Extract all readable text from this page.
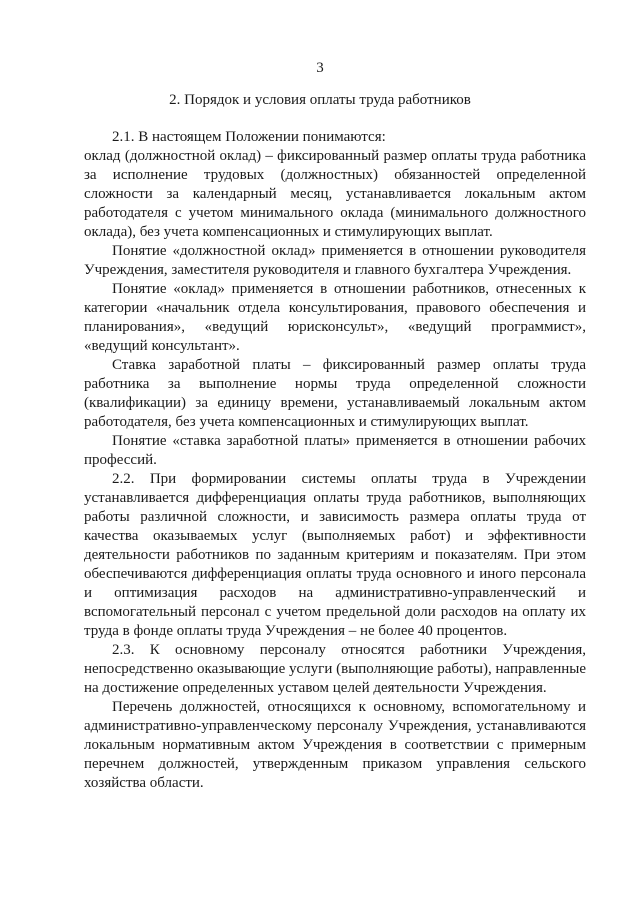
3
2. Порядок и условия оплаты труда работников

2.1. В настоящем Положении понимаются:

оклад (должностной оклад) – фиксированный размер оплаты труда работника за исполнение трудовых (должностных) обязанностей определенной сложности за календарный месяц, устанавливается локальным актом работодателя с учетом минимального оклада (минимального должностного оклада), без учета компенсационных и стимулирующих выплат.

Понятие «должностной оклад» применяется в отношении руководителя Учреждения, заместителя руководителя и главного бухгалтера Учреждения.

Понятие «оклад» применяется в отношении работников, отнесенных к категории «начальник отдела консультирования, правового обеспечения и планирования», «ведущий юрисконсульт», «ведущий программист», «ведущий консультант».

Ставка заработной платы – фиксированный размер оплаты труда работника за выполнение нормы труда определенной сложности (квалификации) за единицу времени, устанавливаемый локальным актом работодателя, без учета компенсационных и стимулирующих выплат.

Понятие «ставка заработной платы» применяется в отношении рабочих профессий.

2.2. При формировании системы оплаты труда в Учреждении устанавливается дифференциация оплаты труда работников, выполняющих работы различной сложности, и зависимость размера оплаты труда от качества оказываемых услуг (выполняемых работ) и эффективности деятельности работников по заданным критериям и показателям. При этом обеспечиваются дифференциация оплаты труда основного и иного персонала и оптимизация расходов на административно-управленческий и вспомогательный персонал с учетом предельной доли расходов на оплату их труда в фонде оплаты труда Учреждения – не более 40 процентов.

2.3. К основному персоналу относятся работники Учреждения, непосредственно оказывающие услуги (выполняющие работы), направленные на достижение определенных уставом целей деятельности Учреждения.

Перечень должностей, относящихся к основному, вспомогательному и административно-управленческому персоналу Учреждения, устанавливаются локальным нормативным актом Учреждения в соответствии с примерным перечнем должностей, утвержденным приказом управления сельского хозяйства области.
